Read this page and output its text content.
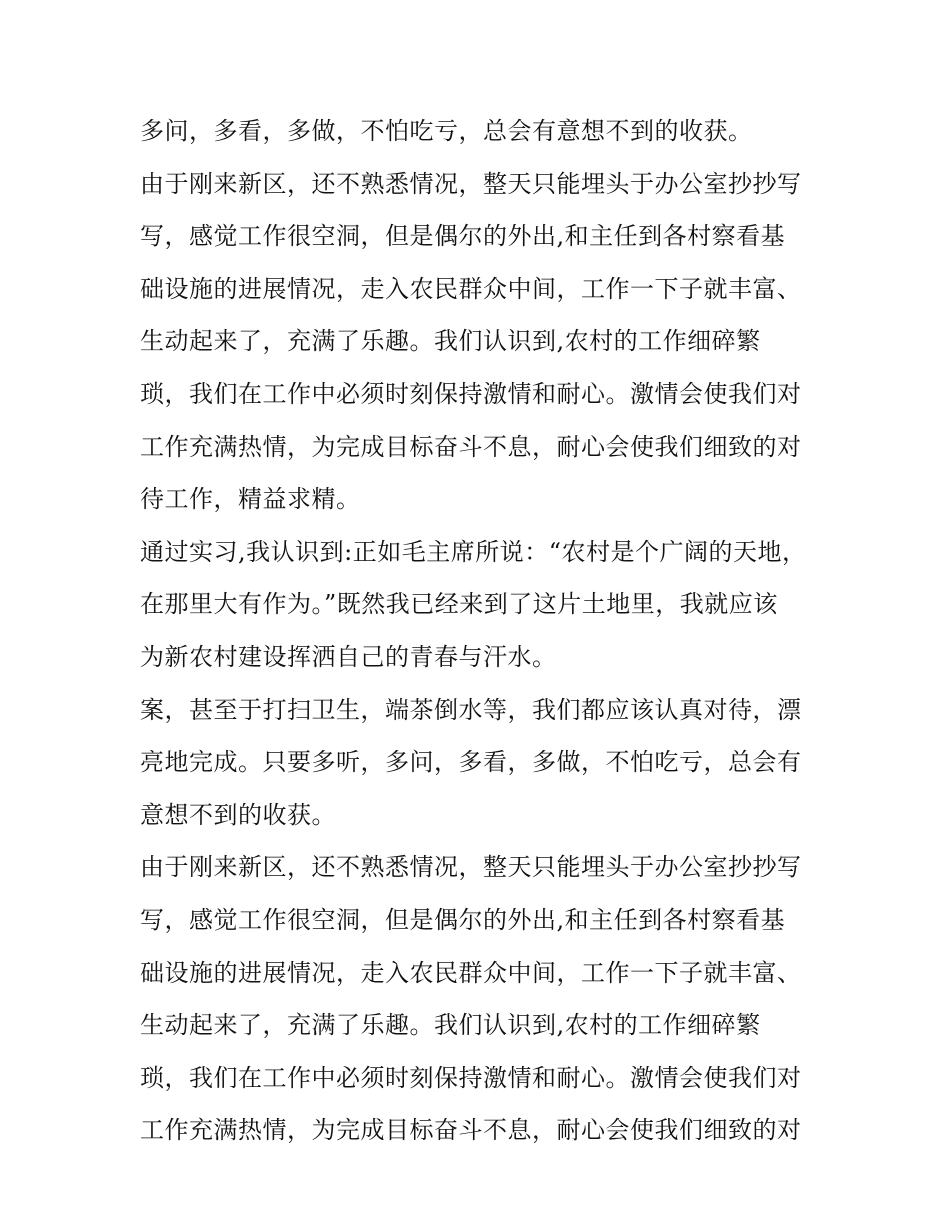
多问，多看，多做，不怕吃亏，总会有意想不到的收获。
由于刚来新区，还不熟悉情况，整天只能埋头于办公室抄抄写
写，感觉工作很空洞，但是偶尔的外出,和主任到各村察看基
础设施的进展情况，走入农民群众中间，工作一下子就丰富、
生动起来了，充满了乐趣。我们认识到,农村的工作细碎繁
琐，我们在工作中必须时刻保持激情和耐心。激情会使我们对
工作充满热情，为完成目标奋斗不息，耐心会使我们细致的对
待工作，精益求精。
通过实习,我认识到:正如毛主席所说：“农村是个广阔的天地，
在那里大有作为。”既然我已经来到了这片土地里，我就应该
为新农村建设挥洒自己的青春与汗水。
案，甚至于打扫卫生，端茶倒水等，我们都应该认真对待，漂
亮地完成。只要多听，多问，多看，多做，不怕吃亏，总会有
意想不到的收获。
由于刚来新区，还不熟悉情况，整天只能埋头于办公室抄抄写
写，感觉工作很空洞，但是偶尔的外出,和主任到各村察看基
础设施的进展情况，走入农民群众中间，工作一下子就丰富、
生动起来了，充满了乐趣。我们认识到,农村的工作细碎繁
琐，我们在工作中必须时刻保持激情和耐心。激情会使我们对
工作充满热情，为完成目标奋斗不息，耐心会使我们细致的对
